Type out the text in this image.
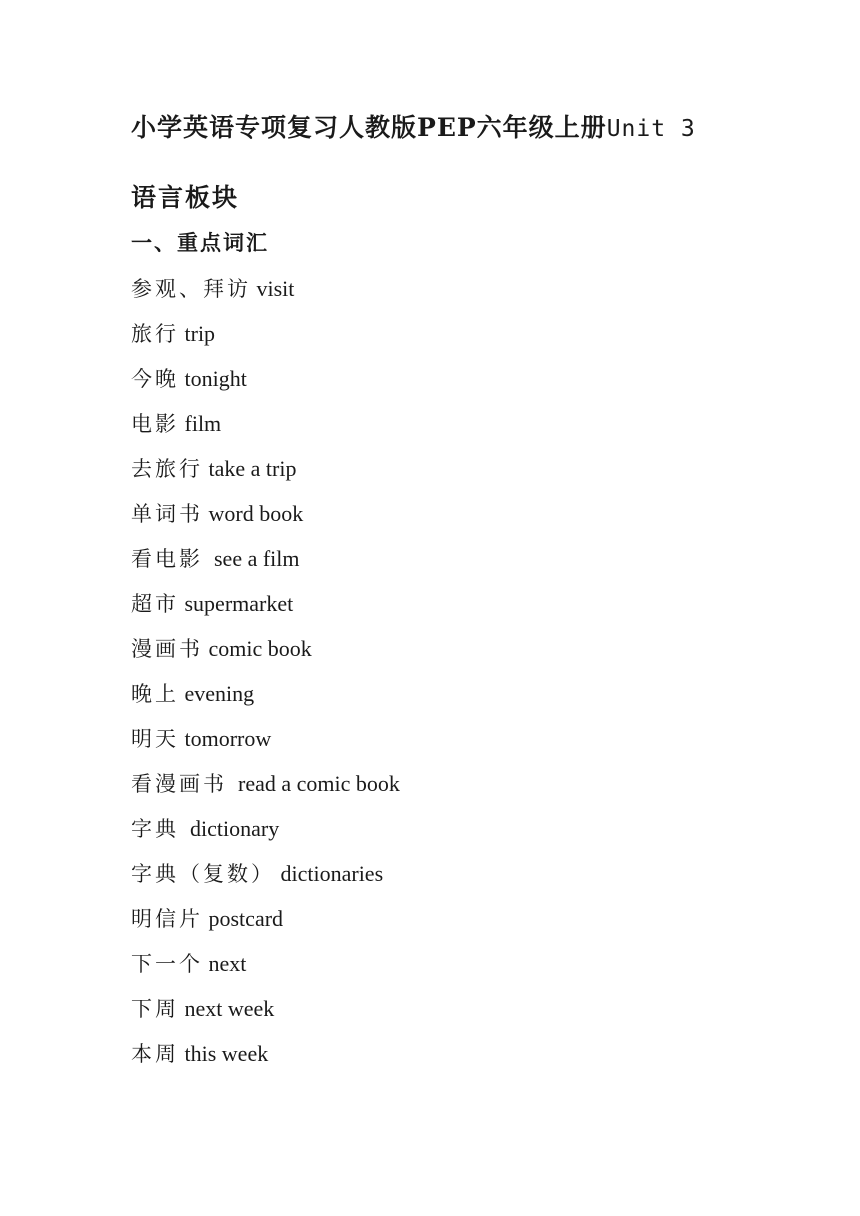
小学英语专项复习人教版PEP六年级上册Unit 3
语言板块
一、重点词汇
参观、拜访 visit
旅行 trip
今晚 tonight
电影 film
去旅行 take a trip
单词书 word book
看电影 see a film
超市 supermarket
漫画书 comic book
晚上 evening
明天 tomorrow
看漫画书 read a comic book
字典 dictionary
字典（复数） dictionaries
明信片 postcard
下一个 next
下周 next week
本周 this week
